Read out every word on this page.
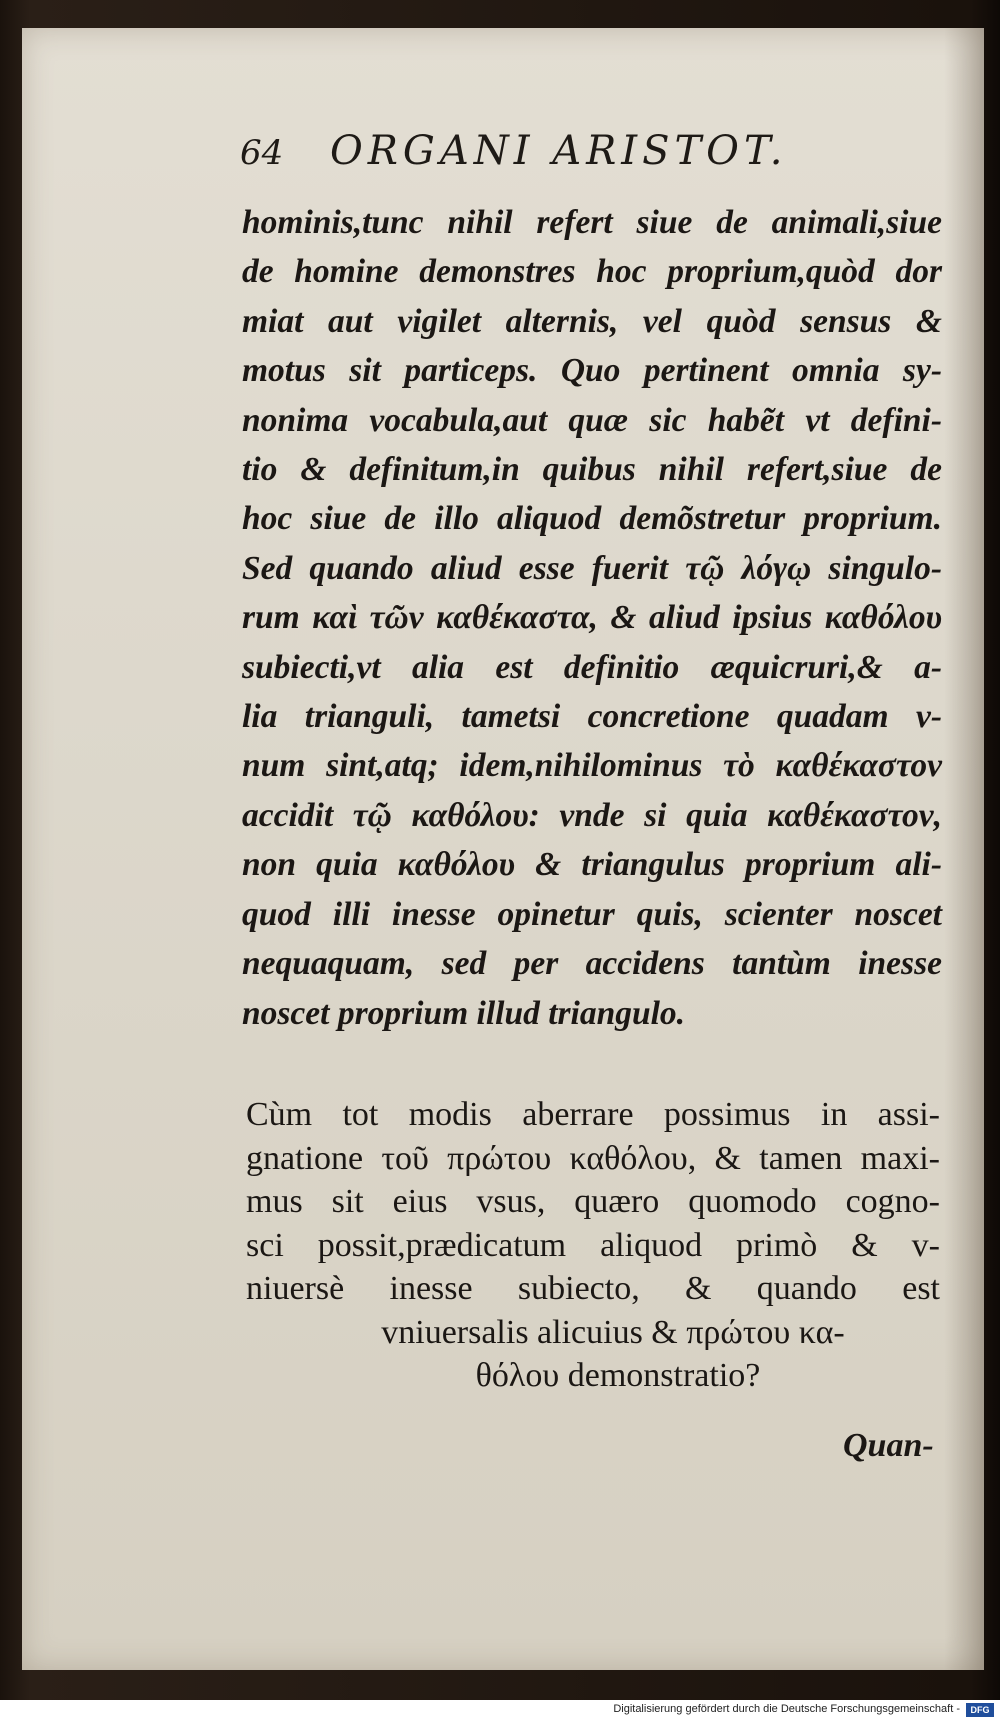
64 ORGANI ARISTOT.
hominis,tunc nihil refert siue de animali,siue
de homine demonstres hoc proprium,quòd dor
miat aut vigilet alternis, vel quòd sensus &
motus sit particeps. Quo pertinent omnia sy-
nonima vocabula,aut quæ sic habẽt vt defini-
tio & definitum,in quibus nihil refert,siue de
hoc siue de illo aliquod demõstretur proprium.
Sed quando aliud esse fuerit τῷ λόγῳ singulo-
rum καὶ τῶν καθέκαστα, & aliud ipsius καθόλου
subiecti,vt alia est definitio æquicruri,& a-
lia trianguli, tametsi concretione quadam v-
num sint,atq; idem,nihilominus τὸ καθέκαστον
accidit τῷ καθόλου: vnde si quia καθέκαστον,
non quia καθόλου & triangulus proprium ali-
quod illi inesse opinetur quis, scienter noscet
nequaquam, sed per accidens tantùm inesse
noscet proprium illud triangulo.
Cùm tot modis aberrare possimus in assi-
gnatione τοῦ πρώτου καθόλου, & tamen maxi-
mus sit eius vsus, quæro quomodo cogno-
sci possit,prædicatum aliquod primò & v-
niuersè inesse subiecto, & quando est
vniuersalis alicuius & πρώτου κα-
θόλου demonstratio?
Quan-
Digitalisierung gefördert durch die Deutsche Forschungsgemeinschaft -	DFG
